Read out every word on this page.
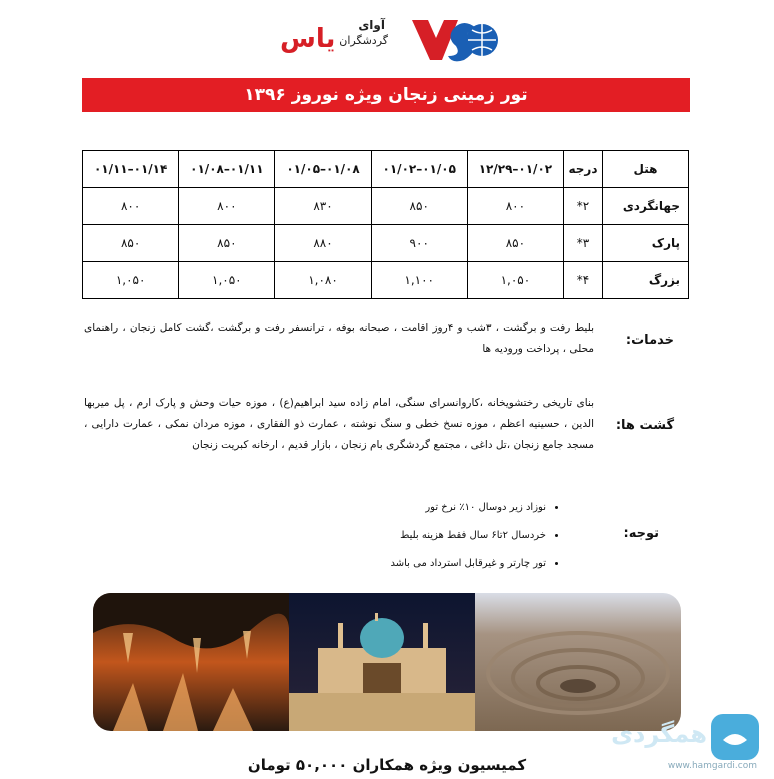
یاس آوای
گردشگران
تور زمینی زنجان ویژه نوروز ۱۳۹۶
هتل	درجه	۰۱/۰۲–۱۲/۲۹	۰۱/۰۵–۰۱/۰۲	۰۱/۰۸–۰۱/۰۵	۰۱/۱۱–۰۱/۰۸	۰۱/۱۴–۰۱/۱۱
جهانگردی	۲*	۸۰۰	۸۵۰	۸۳۰	۸۰۰	۸۰۰
پارک	۳*	۸۵۰	۹۰۰	۸۸۰	۸۵۰	۸۵۰
بزرگ	۴*	۱,۰۵۰	۱,۱۰۰	۱,۰۸۰	۱,۰۵۰	۱,۰۵۰
خدمات:
بلیط رفت و برگشت ، ۳شب و ۴روز اقامت ، صبحانه بوفه ، ترانسفر رفت و برگشت ،گشت کامل زنجان ، راهنمای محلی ، پرداخت ورودیه ها
گشت ها:
بنای تاریخی رختشویخانه ،کاروانسرای سنگی، امام زاده سید ابراهیم(ع) ، موزه حیات وحش و پارک ارم ، پل میربها الدین ، حسینیه اعظم ، موزه نسخ خطی و سنگ نوشته ، عمارت ذو الفقاری ، موزه مردان نمکی ، عمارت دارایی ، مسجد جامع زنجان ،تل داغی ، مجتمع گردشگری بام زنجان ، بازار قدیم ، ارخانه کبریت زنجان
توجه:
• نوزاد زیر دوسال ۱۰٪ نرخ تور
• خردسال ۲تا۶ سال فقط هزینه بلیط
• تور چارتر و غیرقابل استرداد می باشد
همگردی
www.hamgardi.com
کمیسیون ویژه همکاران ۵۰,۰۰۰ تومان
